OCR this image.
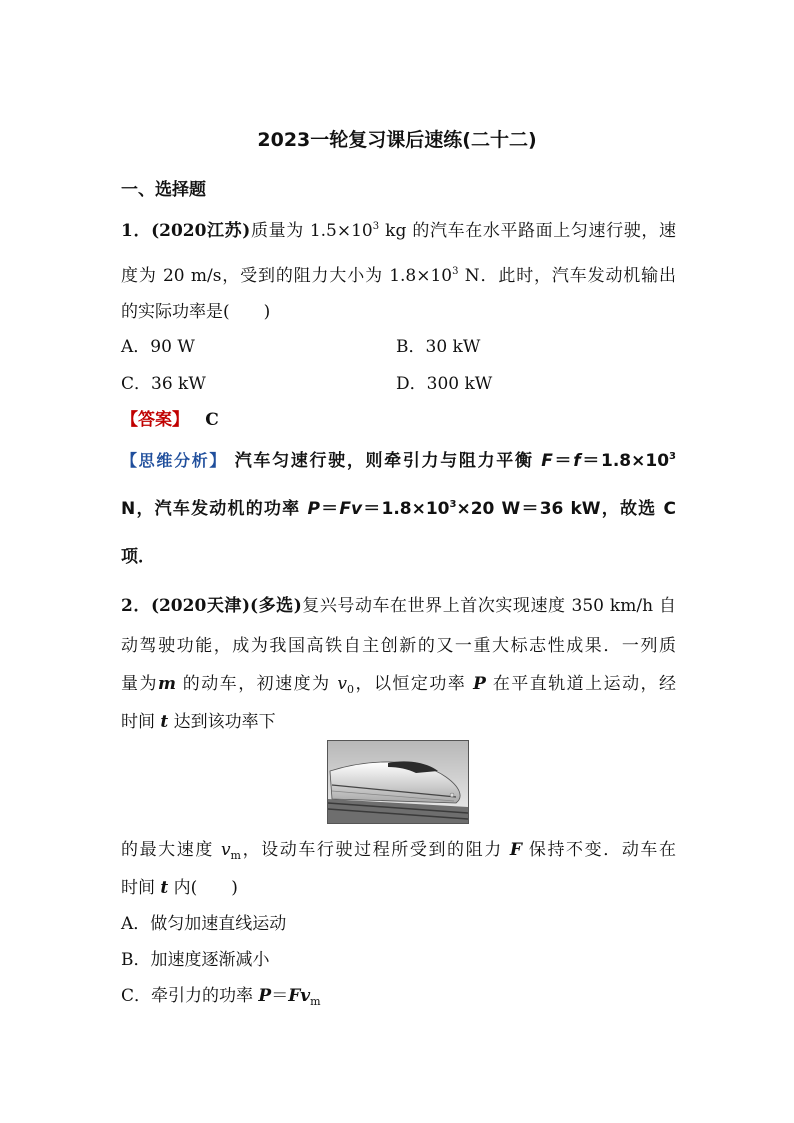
2023一轮复习课后速练(二十二)
一、选择题
1．(2020江苏)质量为 $1.5\times 10^3$ kg 的汽车在水平路面上匀速行驶，速
度为 20 m/s，受到的阻力大小为 $1.8\times 10^3$ N．此时，汽车发动机输出
的实际功率是(　　)
A．90 W	B．30 kW
C．36 kW	D．300 kW
【答案】 C
【思维分析】 汽车匀速行驶，则牵引力与阻力平衡 $F=f=1.8\times 10^3$
N，汽车发动机的功率 $P=Fv=1.8\times 10^3\times 20$ W＝36 kW，故选 C
项．
2．(2020天津)(多选)复兴号动车在世界上首次实现速度 350 km/h 自
动驾驶功能，成为我国高铁自主创新的又一重大标志性成果．一列质
量为m 的动车，初速度为 $v_0$，以恒定功率 P 在平直轨道上运动，经
时间 t 达到该功率下
的最大速度 $v_m$，设动车行驶过程所受到的阻力 F 保持不变．动车在
时间 t 内(　　)
A．做匀加速直线运动
B．加速度逐渐减小
C．牵引力的功率 $P=Fv_m$
